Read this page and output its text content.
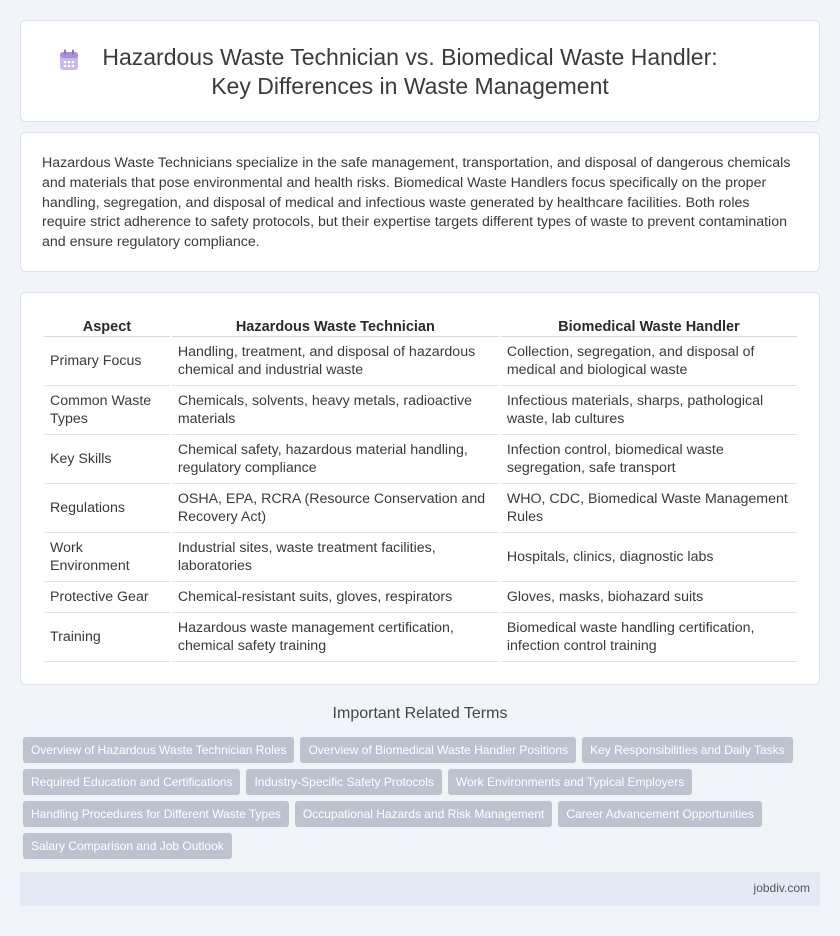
Hazardous Waste Technician vs. Biomedical Waste Handler: Key Differences in Waste Management

Hazardous Waste Technicians specialize in the safe management, transportation, and disposal of dangerous chemicals and materials that pose environmental and health risks. Biomedical Waste Handlers focus specifically on the proper handling, segregation, and disposal of medical and infectious waste generated by healthcare facilities. Both roles require strict adherence to safety protocols, but their expertise targets different types of waste to prevent contamination and ensure regulatory compliance.

Aspect	Hazardous Waste Technician	Biomedical Waste Handler
Primary Focus	Handling, treatment, and disposal of hazardous chemical and industrial waste	Collection, segregation, and disposal of medical and biological waste
Common Waste Types	Chemicals, solvents, heavy metals, radioactive materials	Infectious materials, sharps, pathological waste, lab cultures
Key Skills	Chemical safety, hazardous material handling, regulatory compliance	Infection control, biomedical waste segregation, safe transport
Regulations	OSHA, EPA, RCRA (Resource Conservation and Recovery Act)	WHO, CDC, Biomedical Waste Management Rules
Work Environment	Industrial sites, waste treatment facilities, laboratories	Hospitals, clinics, diagnostic labs
Protective Gear	Chemical-resistant suits, gloves, respirators	Gloves, masks, biohazard suits
Training	Hazardous waste management certification, chemical safety training	Biomedical waste handling certification, infection control training
Important Related Terms
Overview of Hazardous Waste Technician Roles	Overview of Biomedical Waste Handler Positions	Key Responsibilities and Daily Tasks
Required Education and Certifications	Industry-Specific Safety Protocols	Work Environments and Typical Employers
Handling Procedures for Different Waste Types	Occupational Hazards and Risk Management	Career Advancement Opportunities
Salary Comparison and Job Outlook
jobdiv.com
